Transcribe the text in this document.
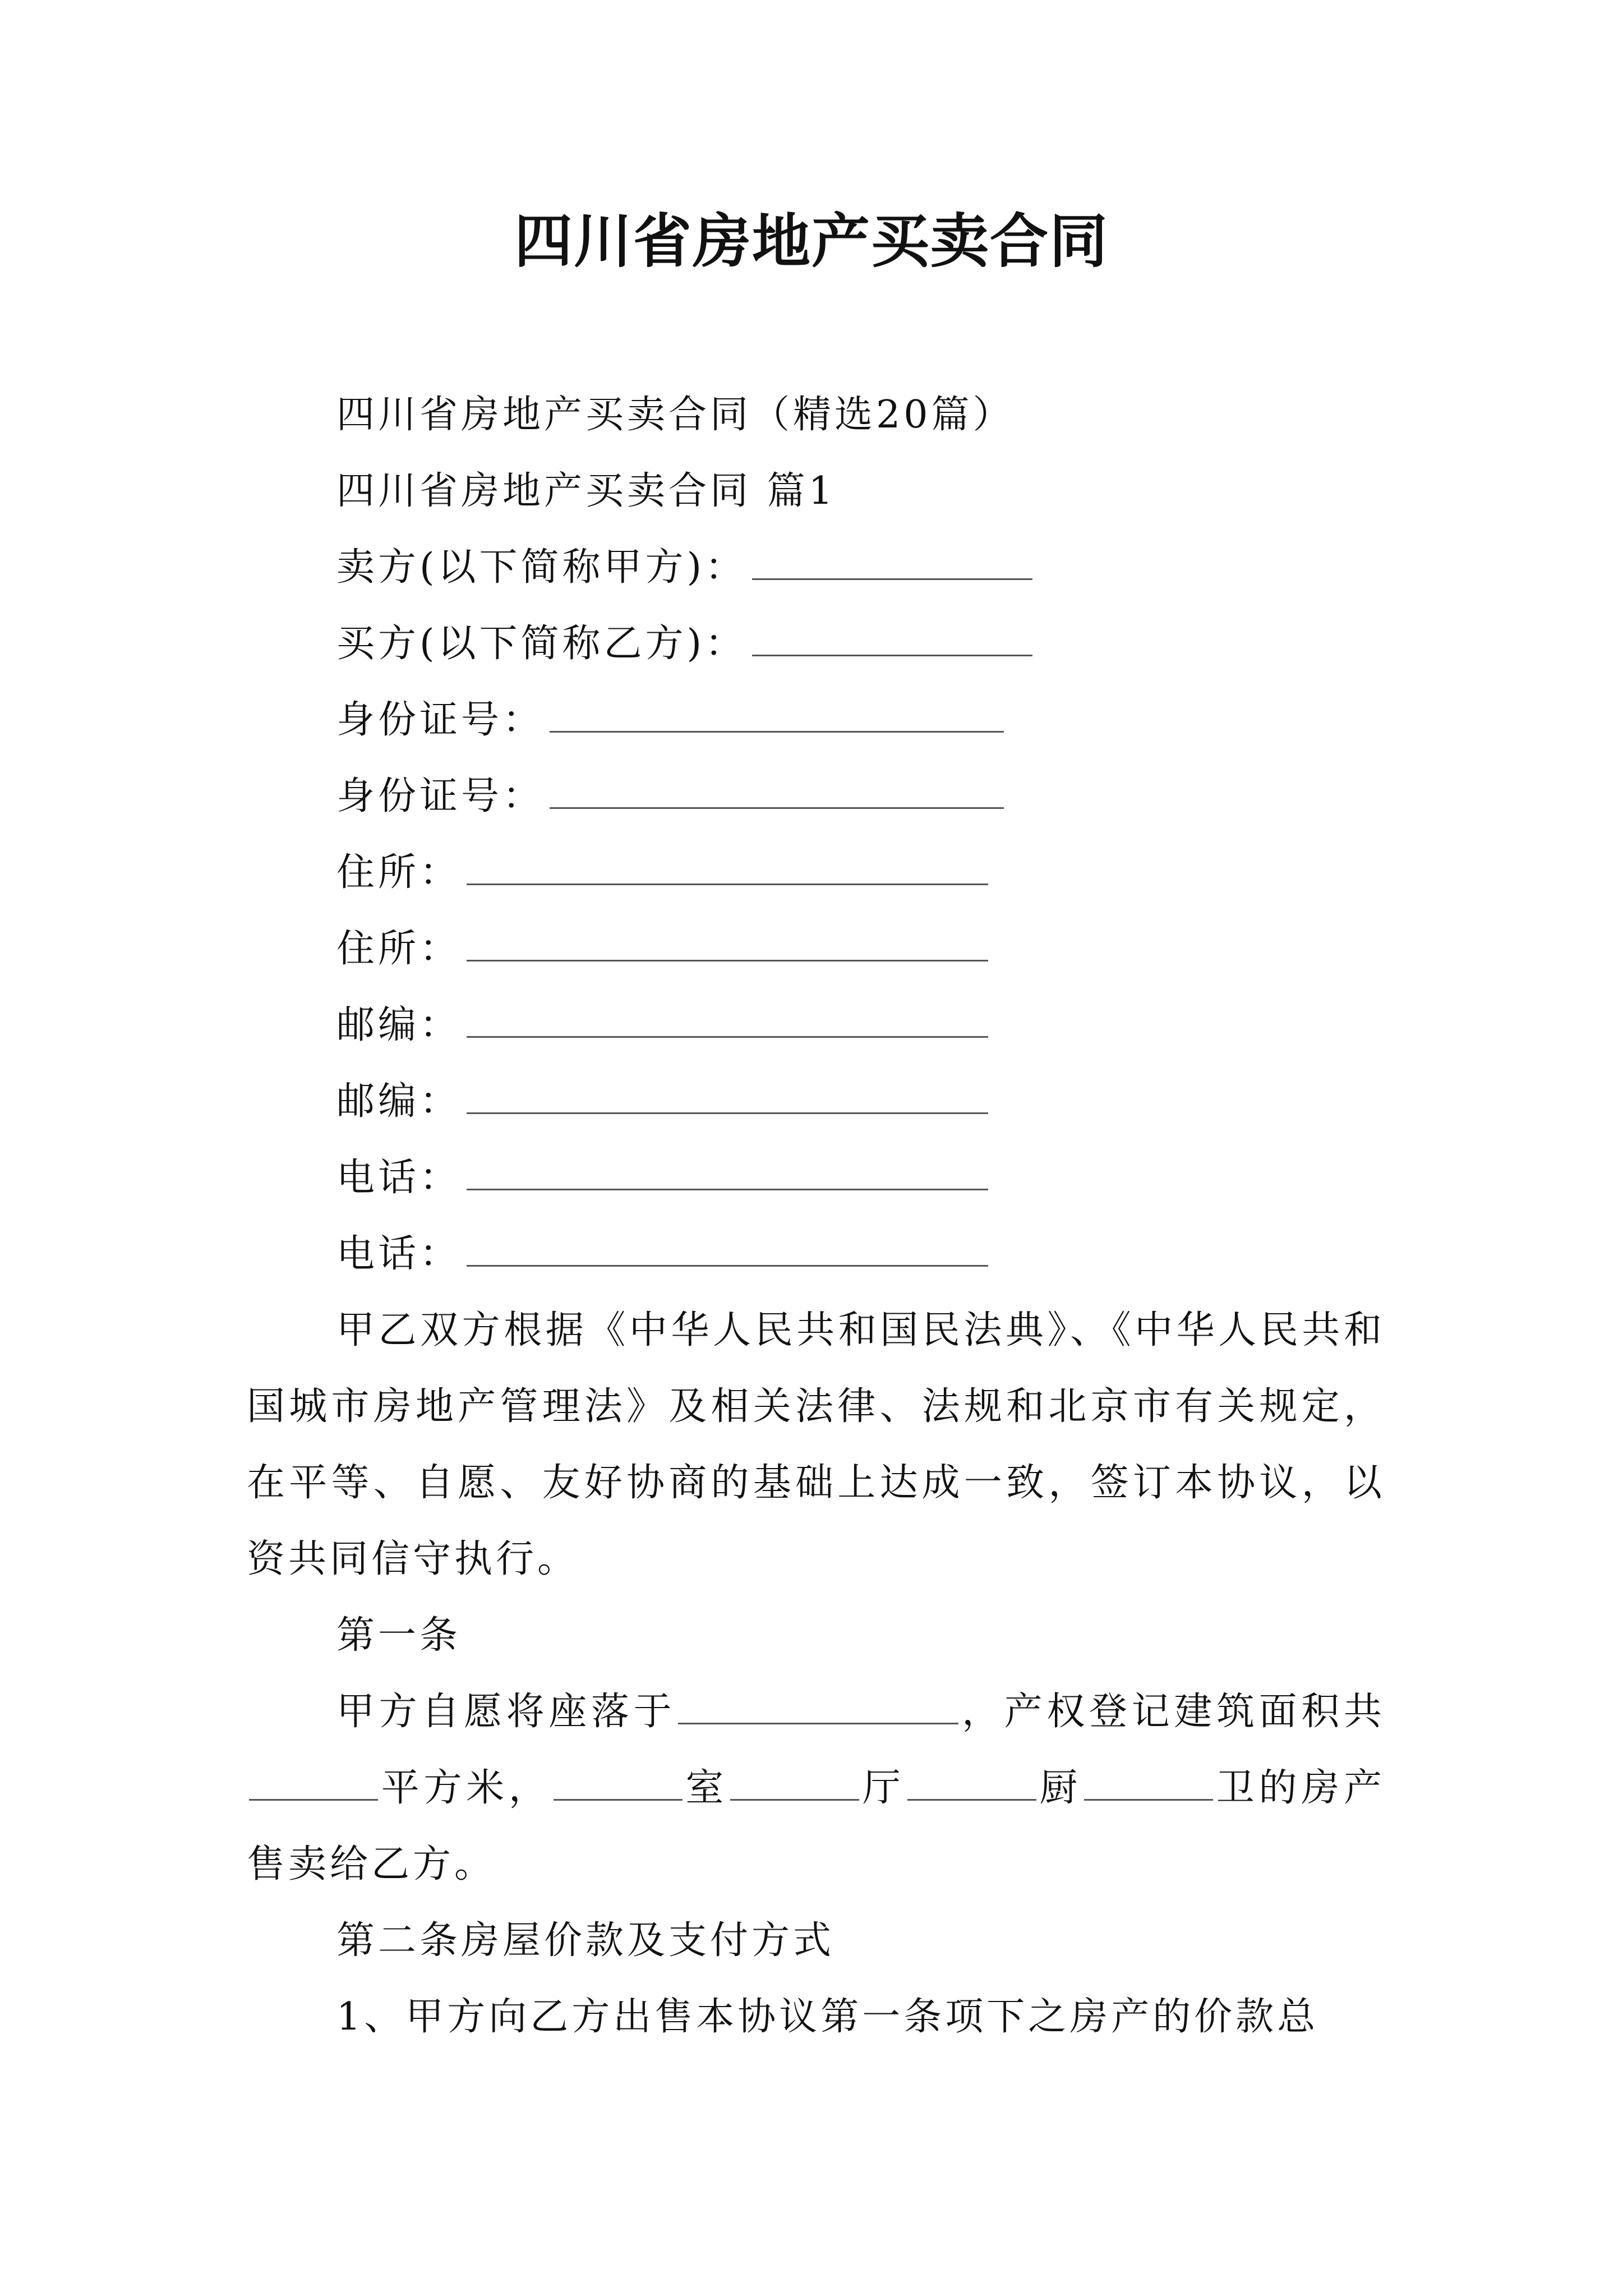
四川省房地产买卖合同
四川省房地产买卖合同（精选20篇）
四川省房地产买卖合同 篇1
卖方(以下简称甲方)：
买方(以下简称乙方)：
身份证号：
身份证号：
住所：
住所：
邮编：
邮编：
电话：
电话：
甲乙双方根据《中华人民共和国民法典》、《中华人民共和国城市房地产管理法》及相关法律、法规和北京市有关规定，在平等、自愿、友好协商的基础上达成一致，签订本协议，以资共同信守执行。
第一条
甲方自愿将座落于	，产权登记建筑面积共平方米，	室	厅	厨	卫的房产售卖给乙方。
第二条房屋价款及支付方式
1、甲方向乙方出售本协议第一条项下之房产的价款总
